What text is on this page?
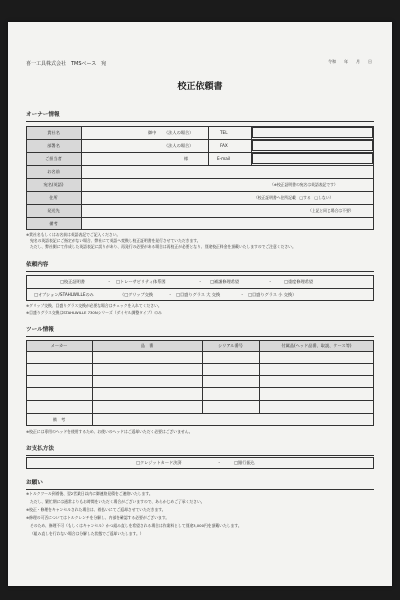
令和　　年　　月　　日
喜一工具株式会社　TMSベース　宛
校正依頼書
オーナー情報
貴社名	御中 （法人の場合）	TEL
部署名	（法人の場合）	FAX
ご担当者	様	E-mail
お名前
宛名(英語)	（※校正証明書の宛名は英語表記です）
住所	（校正証明書へ住所記載　□する　□しない）
発送先	（上記と同じ場合は不要）
備考
※貴社名もしくはお名前は英語表記でご記入ください。
宛名の英語表記にご指定がない場合、弊社にて英語へ変換し校正証明書を発行させていただきます。
ただし、弊社側にて作成した英語表記に誤りがあり、再発行の必要がある場合は再校正が必要となり、別途校正料金を頂戴いたしますのでご注意ください。
依頼内容
□校正証明書	・ □トレーサビリティ体系図	・ □補謹修理希望	・	□重度修理希望
□オプション/STAHLWILLEのみ	（□グリップ交換	・ □目盛りグラス 大 交換	・ □目盛りグラス 小 交換）
※グリップ交換、目盛りグラス交換が必要な場合はチェックを入れてください。
※目盛りグラス交換はSTAHLWILLE 730Nシリーズ（ダイヤル調整タイプ）のみ
ツール情報
メーカー	品　番	シリアル番号	付属品(ヘッド品番、取説、ケース等)
備　考
※校正には専用のヘッドを使用するため、お使いのヘッドはご返却いただく必要はございません。
お支払方法
□クレジットカード決済	・	□銀行振込
お願い
※トルクツール到着後、翌2営業日以内に御連絡見積をご連絡いたします。
ただし、繁忙期には通常よりもお時間をいただく場合がございますので、あらかじめご了承ください。
※校正・修理をキャンセルされた場合は、着払いにてご返却させていただきます。
※修理の可否についてはトルクレンチを分解し、内部を確認する必要がございます。
そのため、修理不可（もしくはキャンセル）かつ組み直しを希望される場合は作業料として別途3,000円を頂戴いたします。
（組み直しを行わない場合は分解した状態でご返却いたします。）
